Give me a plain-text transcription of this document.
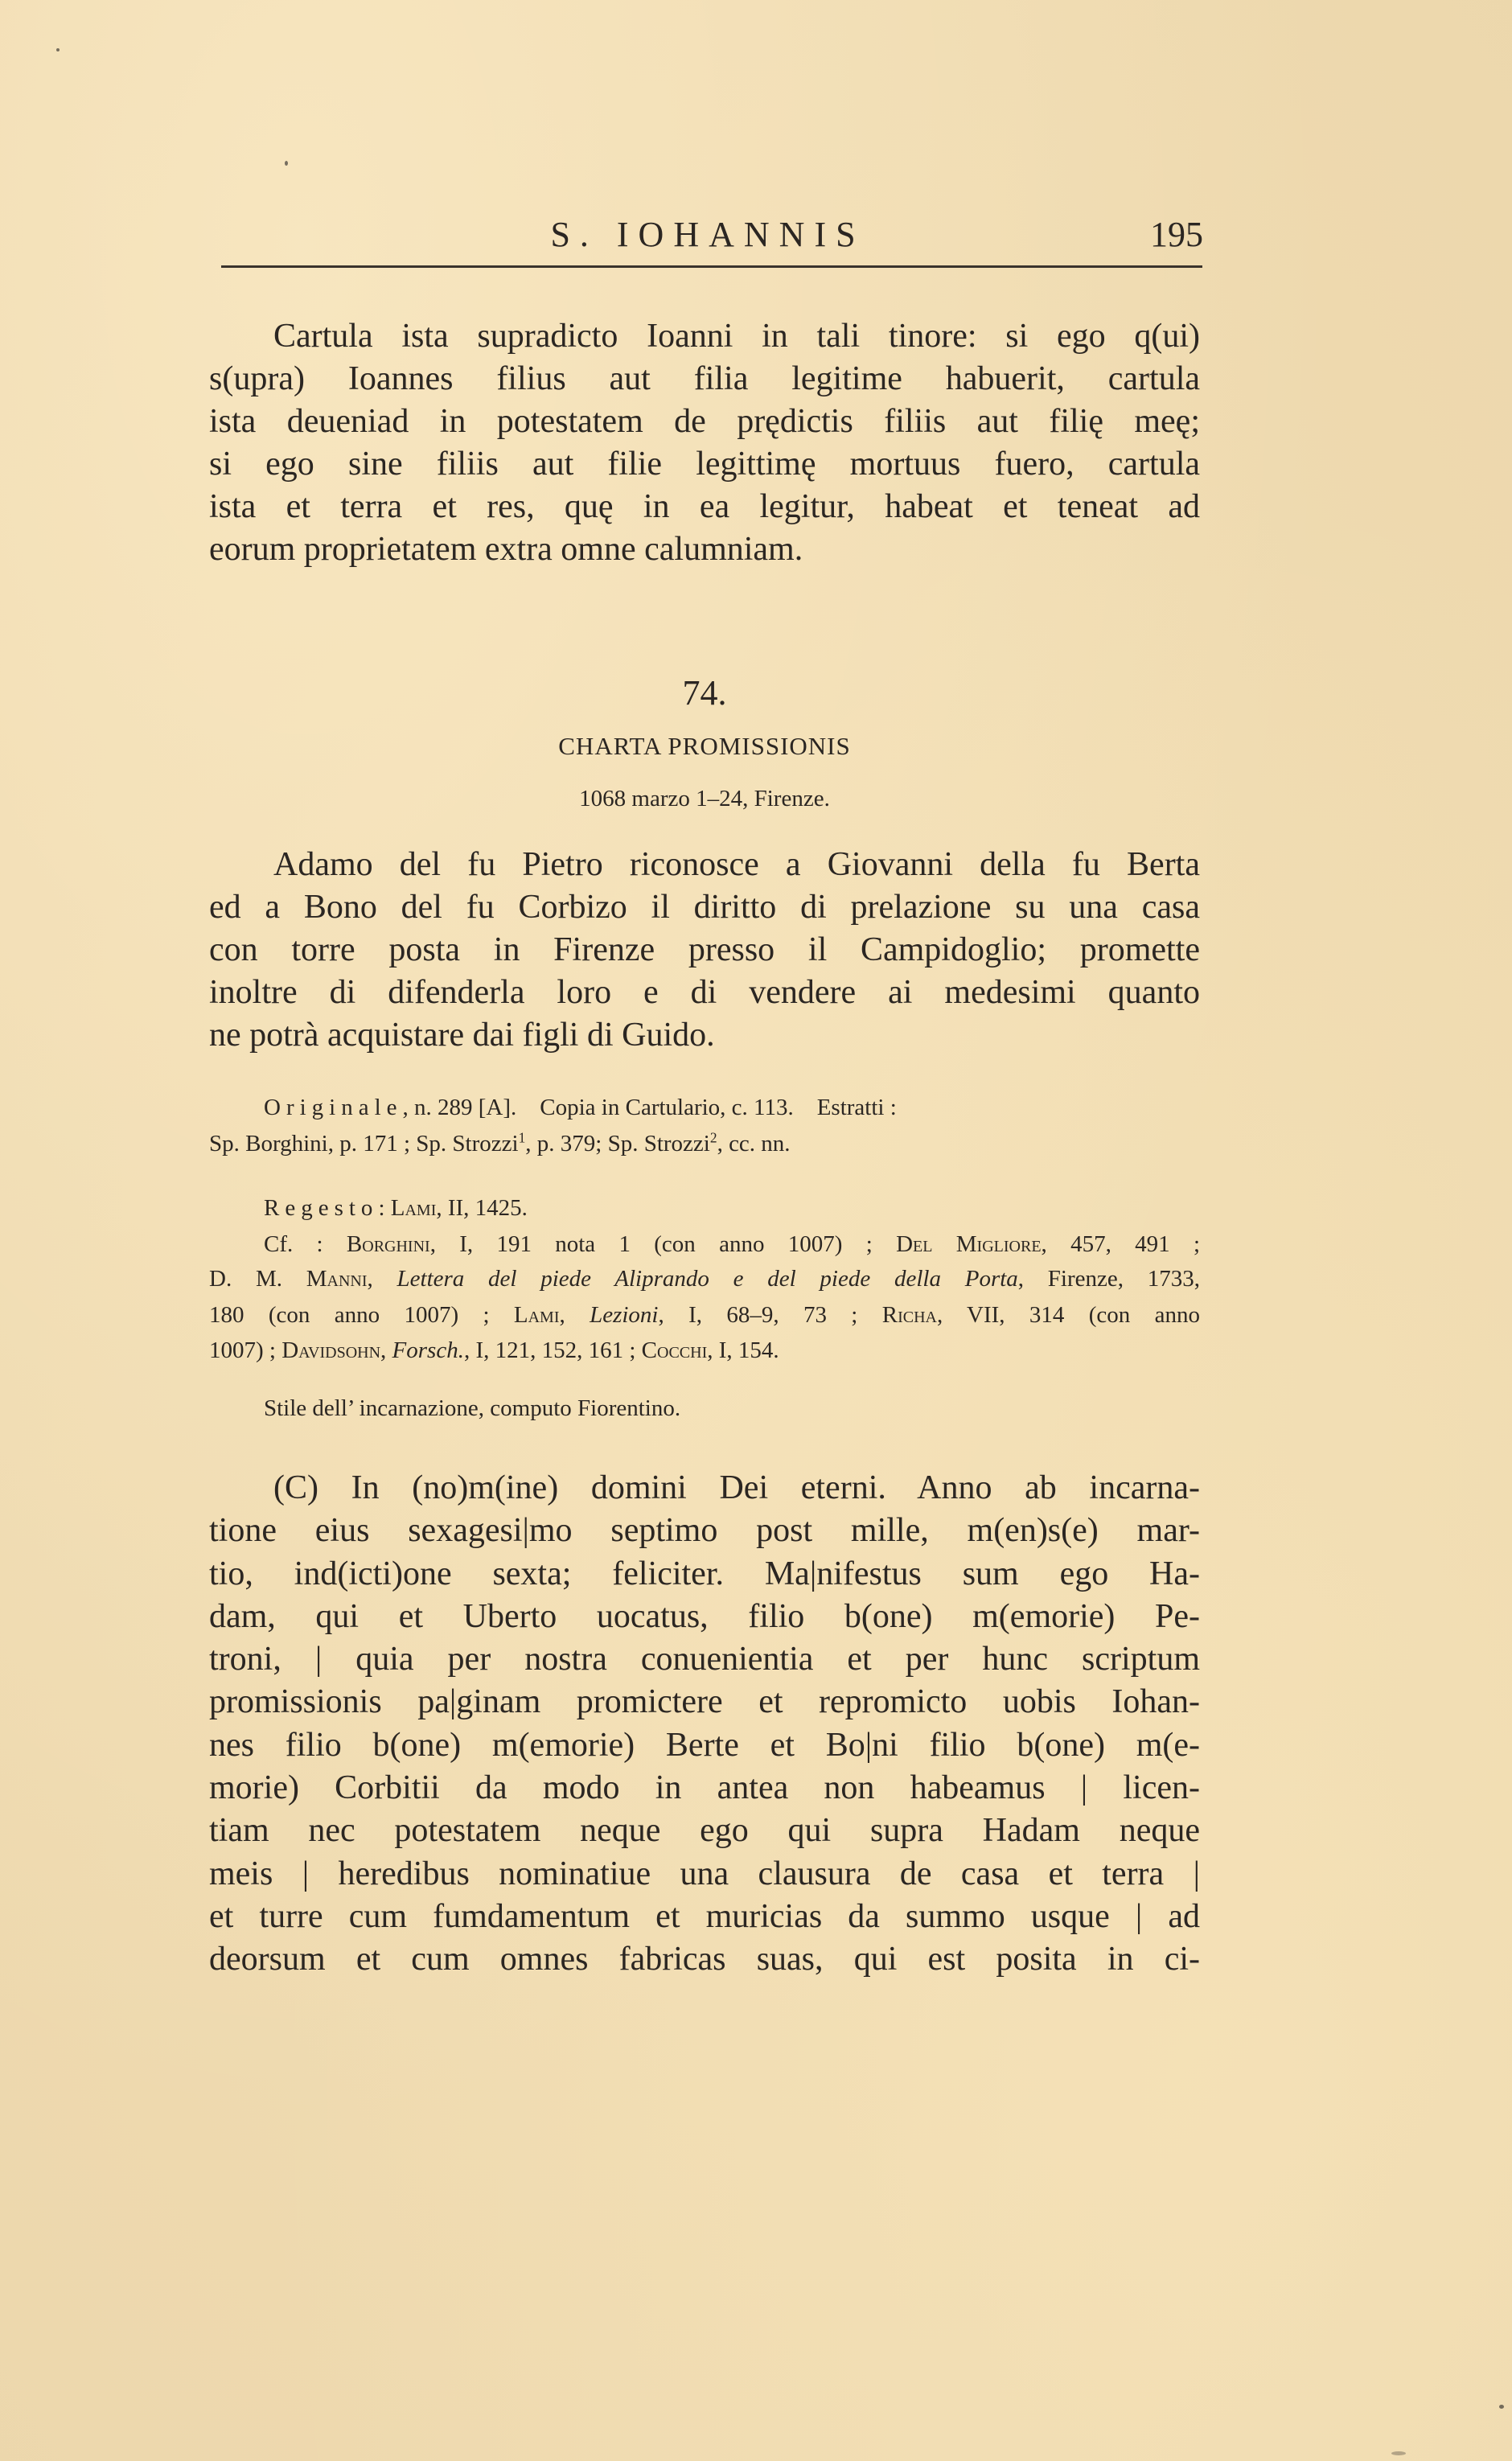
S. IOHANNIS	195
Cartula ista supradicto Ioanni in tali tinore: si ego q(ui)
s(upra) Ioannes filius aut filia legitime habuerit, cartula
ista deueniad in potestatem de prędictis filiis aut filię meę;
si ego sine filiis aut filie legittimę mortuus fuero, cartula
ista et terra et res, quę in ea legitur, habeat et teneat ad
eorum proprietatem extra omne calumniam.
74.
CHARTA PROMISSIONIS
1068 marzo 1–24, Firenze.
Adamo del fu Pietro riconosce a Giovanni della fu Berta
ed a Bono del fu Corbizo il diritto di prelazione su una casa
con torre posta in Firenze presso il Campidoglio; promette
inoltre di difenderla loro e di vendere ai medesimi quanto
ne potrà acquistare dai figli di Guido.
Originale, n. 289 [A].    Copia in Cartulario, c. 113.    Estratti :
Sp. Borghini, p. 171 ; Sp. Strozzi$^1$, p. 379; Sp. Strozzi$^2$, cc. nn.
Regesto: Lami, II, 1425.
Cf. : Borghini, I, 191 nota 1 (con anno 1007) ; Del Migliore, 457, 491 ;
D. M. Manni, Lettera del piede Aliprando e del piede della Porta, Firenze, 1733,
180 (con anno 1007) ; Lami, Lezioni, I, 68–9, 73 ; Richa, VII, 314 (con anno
1007) ; Davidsohn, Forsch., I, 121, 152, 161 ; Cocchi, I, 154.
Stile dell’ incarnazione, computo Fiorentino.
(C) In (no)m(ine) domini Dei eterni. Anno ab incarna-
tione eius sexagesi|mo septimo post mille, m(en)s(e) mar-
tio, ind(icti)one sexta; feliciter. Ma|nifestus sum ego Ha-
dam, qui et Uberto uocatus, filio b(one) m(emorie) Pe-
troni, | quia per nostra conuenientia et per hunc scriptum
promissionis pa|ginam promictere et repromicto uobis Iohan-
nes filio b(one) m(emorie) Berte et Bo|ni filio b(one) m(e-
morie) Corbitii da modo in antea non habeamus | licen-
tiam nec potestatem neque ego qui supra Hadam neque
meis | heredibus nominatiue una clausura de casa et terra |
et turre cum fumdamentum et muricias da summo usque | ad
deorsum et cum omnes fabricas suas, qui est posita in ci-
